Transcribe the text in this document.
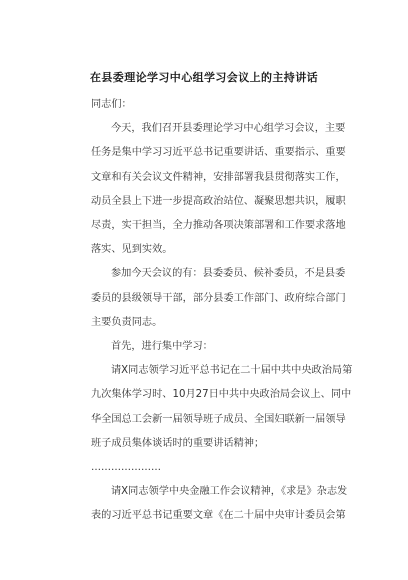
在县委理论学习中心组学习会议上的主持讲话
同志们：
今天，我们召开县委理论学习中心组学习会议，主要
任务是集中学习习近平总书记重要讲话、重要指示、重要
文章和有关会议文件精神，安排部署我县贯彻落实工作，
动员全县上下进一步提高政治站位、凝聚思想共识，履职
尽责，实干担当，全力推动各项决策部署和工作要求落地
落实、见到实效。
参加今天会议的有：县委委员、候补委员，不是县委
委员的县级领导干部，部分县委工作部门、政府综合部门
主要负责同志。
首先，进行集中学习：
请X同志领学习近平总书记在二十届中共中央政治局第
九次集体学习时、10月27日中共中央政治局会议上、同中
华全国总工会新一届领导班子成员、全国妇联新一届领导
班子成员集体谈话时的重要讲话精神；
…………………
请X同志领学中央金融工作会议精神，《求是》杂志发
表的习近平总书记重要文章《在二十届中央审计委员会第
